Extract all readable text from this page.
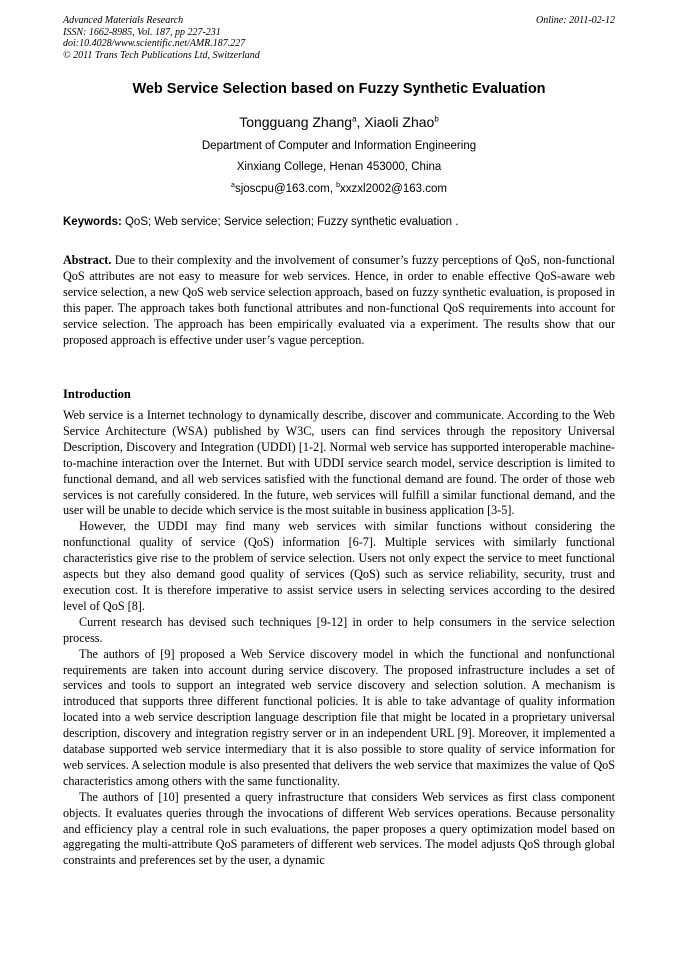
Advanced Materials Research
ISSN: 1662-8985, Vol. 187, pp 227-231
doi:10.4028/www.scientific.net/AMR.187.227
© 2011 Trans Tech Publications Ltd, Switzerland
Online: 2011-02-12
Web Service Selection based on Fuzzy Synthetic Evaluation
Tongguang Zhang$^a$, Xiaoli Zhao$^b$
Department of Computer and Information Engineering
Xinxiang College, Henan 453000, China
$^a$sjoscpu@163.com, $^b$xxzxl2002@163.com
Keywords: QoS; Web service; Service selection; Fuzzy synthetic evaluation .
Abstract. Due to their complexity and the involvement of consumer’s fuzzy perceptions of QoS, non-functional QoS attributes are not easy to measure for web services. Hence, in order to enable effective QoS-aware web service selection, a new QoS web service selection approach, based on fuzzy synthetic evaluation, is proposed in this paper. The approach takes both functional attributes and non-functional QoS requirements into account for service selection. The approach has been empirically evaluated via a experiment. The results show that our proposed approach is effective under user’s vague perception.
Introduction

Web service is a Internet technology to dynamically describe, discover and communicate. According to the Web Service Architecture (WSA) published by W3C, users can find services through the repository Universal Description, Discovery and Integration (UDDI) [1-2]. Normal web service has supported interoperable machine-to-machine interaction over the Internet. But with UDDI service search model, service description is limited to functional demand, and all web services satisfied with the functional demand are found. The order of those web services is not carefully considered. In the future, web services will fulfill a similar functional demand, and the user will be unable to decide which service is the most suitable in business application [3-5].

However, the UDDI may find many web services with similar functions without considering the nonfunctional quality of service (QoS) information [6-7]. Multiple services with similarly functional characteristics give rise to the problem of service selection. Users not only expect the service to meet functional aspects but they also demand good quality of services (QoS) such as service reliability, security, trust and execution cost. It is therefore imperative to assist service users in selecting services according to the desired level of QoS [8].

Current research has devised such techniques [9-12] in order to help consumers in the service selection process.

The authors of [9] proposed a Web Service discovery model in which the functional and nonfunctional requirements are taken into account during service discovery. The proposed infrastructure includes a set of services and tools to support an integrated web service discovery and selection solution. A mechanism is introduced that supports three different functional policies. It is able to take advantage of quality information located into a web service description language description file that might be located in a proprietary universal description, discovery and integration registry server or in an independent URL [9]. Moreover, it implemented a database supported web service intermediary that it is also possible to store quality of service information for web services. A selection module is also presented that delivers the web service that maximizes the value of QoS characteristics among others with the same functionality.

The authors of [10] presented a query infrastructure that considers Web services as first class component objects. It evaluates queries through the invocations of different Web services operations. Because personality and efficiency play a central role in such evaluations, the paper proposes a query optimization model based on aggregating the multi-attribute QoS parameters of different web services. The model adjusts QoS through global constraints and preferences set by the user, a dynamic
